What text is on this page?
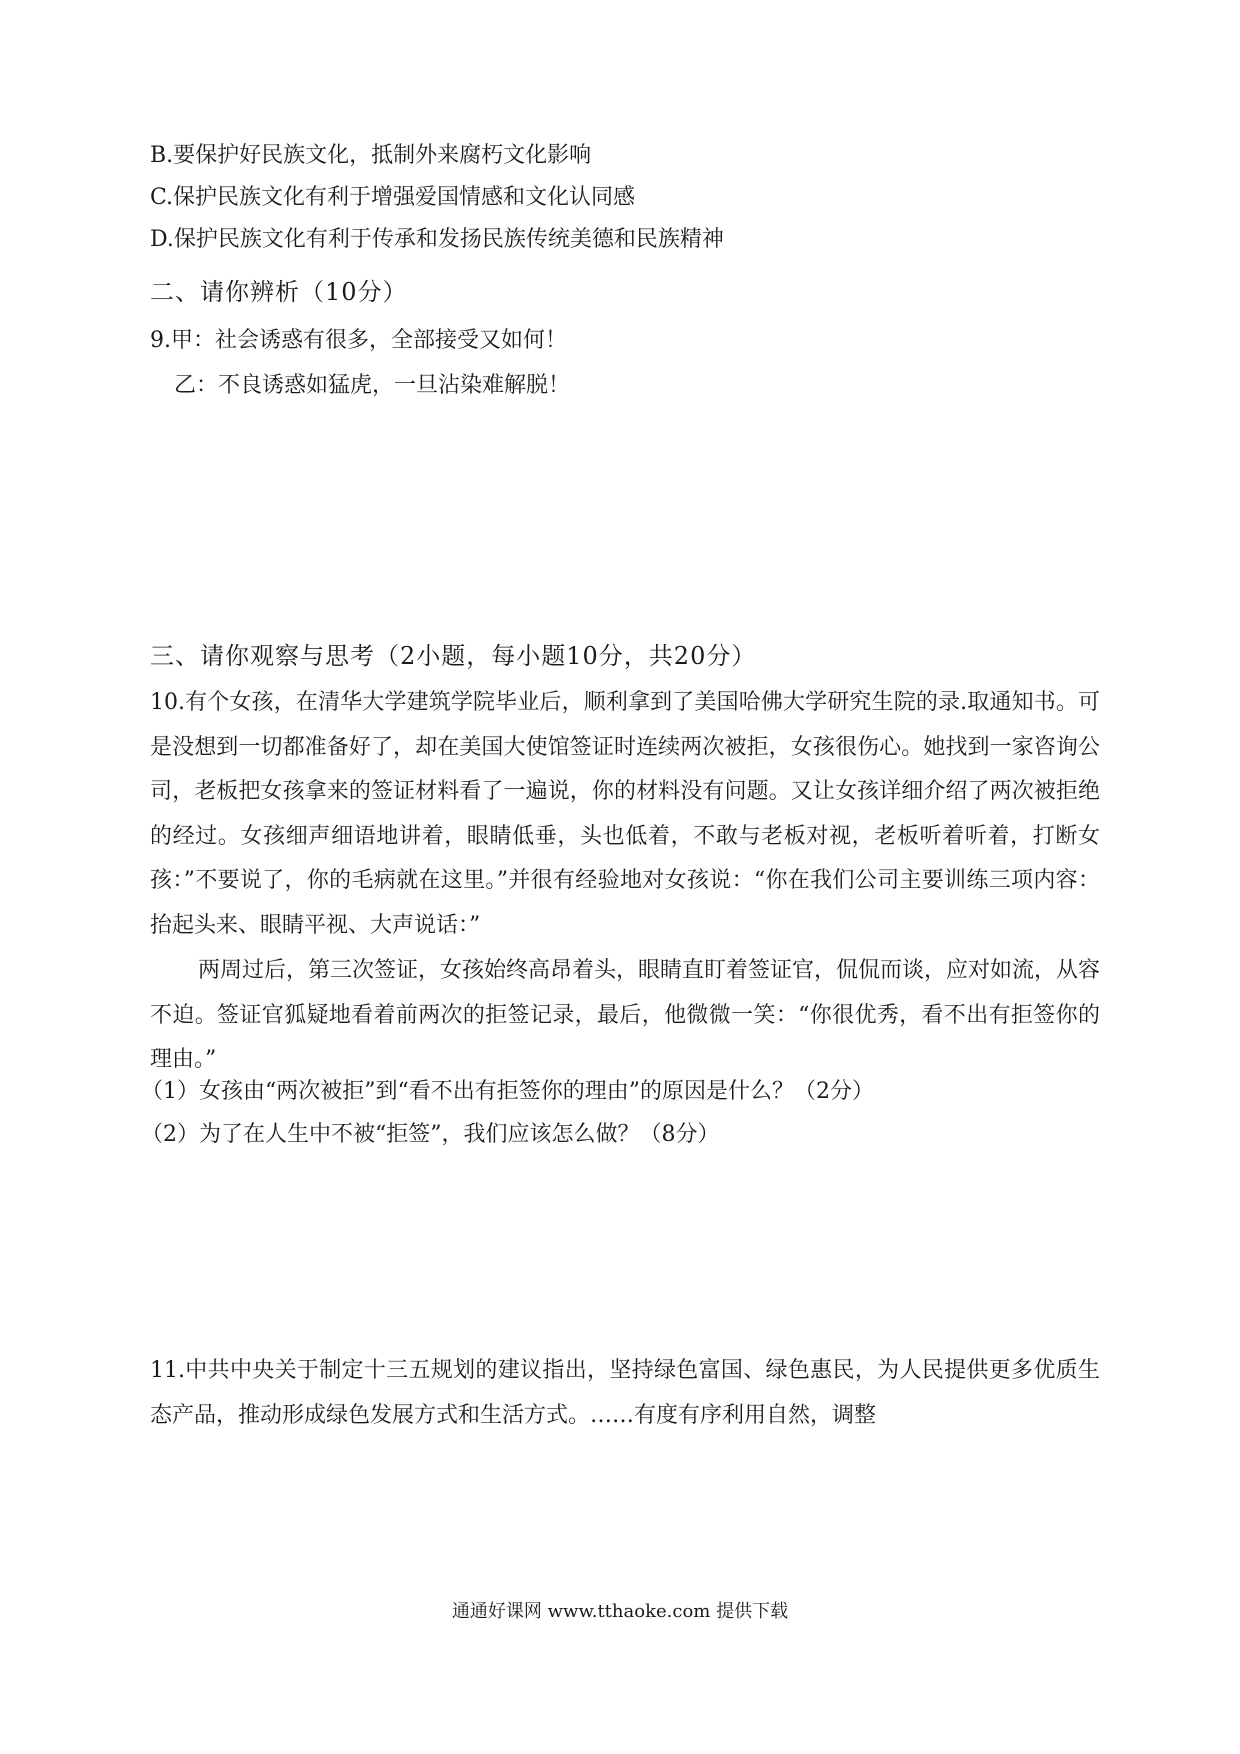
B.要保护好民族文化，抵制外来腐朽文化影响
C.保护民族文化有利于增强爱国情感和文化认同感
D.保护民族文化有利于传承和发扬民族传统美德和民族精神
二、请你辨析（10分）
9.甲：社会诱惑有很多，全部接受又如何！
乙：不良诱惑如猛虎，一旦沾染难解脱！
三、请你观察与思考（2小题，每小题10分，共20分）
10.有个女孩，在清华大学建筑学院毕业后，顺利拿到了美国哈佛大学研究生院的录.取通知书。可是没想到一切都准备好了，却在美国大使馆签证时连续两次被拒，女孩很伤心。她找到一家咨询公司，老板把女孩拿来的签证材料看了一遍说，你的材料没有问题。又让女孩详细介绍了两次被拒绝的经过。女孩细声细语地讲着，眼睛低垂，头也低着，不敢与老板对视，老板听着听着，打断女孩：”不要说了，你的毛病就在这里。”并很有经验地对女孩说：“你在我们公司主要训练三项内容：抬起头来、眼睛平视、大声说话：”
两周过后，第三次签证，女孩始终高昂着头，眼睛直盯着签证官，侃侃而谈，应对如流，从容不迫。签证官狐疑地看着前两次的拒签记录，最后，他微微一笑：“你很优秀，看不出有拒签你的理由。”
（1）女孩由“两次被拒”到“看不出有拒签你的理由”的原因是什么？（2分）
（2）为了在人生中不被“拒签”，我们应该怎么做？（8分）
11.中共中央关于制定十三五规划的建议指出，坚持绿色富国、绿色惠民，为人民提供更多优质生态产品，推动形成绿色发展方式和生活方式。……有度有序利用自然，调整
通通好课网 www.tthaoke.com 提供下载
